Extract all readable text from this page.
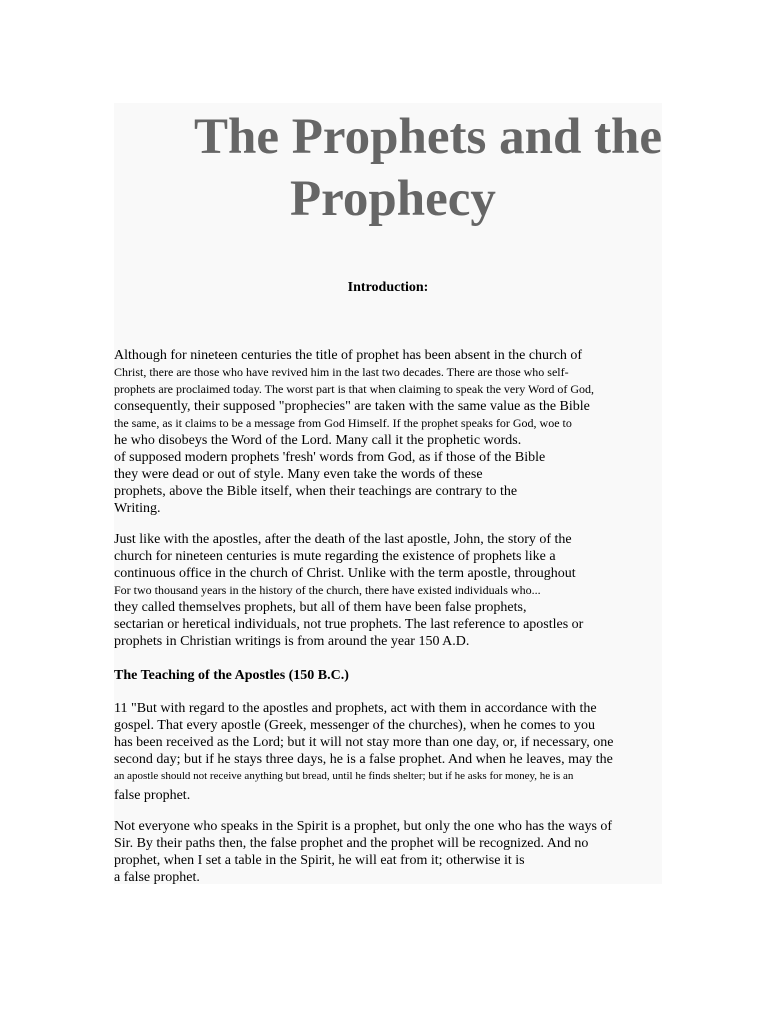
The Prophets and the
Prophecy
Introduction:
Although for nineteen centuries the title of prophet has been absent in the church of
Christ, there are those who have revived him in the last two decades. There are those who self-
prophets are proclaimed today. The worst part is that when claiming to speak the very Word of God,
consequently, their supposed "prophecies" are taken with the same value as the Bible
the same, as it claims to be a message from God Himself. If the prophet speaks for God, woe to
he who disobeys the Word of the Lord. Many call it the prophetic words.
of supposed modern prophets 'fresh' words from God, as if those of the Bible
they were dead or out of style. Many even take the words of these
prophets, above the Bible itself, when their teachings are contrary to the
Writing.
Just like with the apostles, after the death of the last apostle, John, the story of the
church for nineteen centuries is mute regarding the existence of prophets like a
continuous office in the church of Christ. Unlike with the term apostle, throughout
For two thousand years in the history of the church, there have existed individuals who...
they called themselves prophets, but all of them have been false prophets,
sectarian or heretical individuals, not true prophets. The last reference to apostles or
prophets in Christian writings is from around the year 150 A.D.
The Teaching of the Apostles (150 B.C.)
11 "But with regard to the apostles and prophets, act with them in accordance with the
gospel. That every apostle (Greek, messenger of the churches), when he comes to you
has been received as the Lord; but it will not stay more than one day, or, if necessary, one
second day; but if he stays three days, he is a false prophet. And when he leaves, may the
an apostle should not receive anything but bread, until he finds shelter; but if he asks for money, he is an
false prophet.
Not everyone who speaks in the Spirit is a prophet, but only the one who has the ways of
Sir. By their paths then, the false prophet and the prophet will be recognized. And no
prophet, when I set a table in the Spirit, he will eat from it; otherwise it is
a false prophet.
